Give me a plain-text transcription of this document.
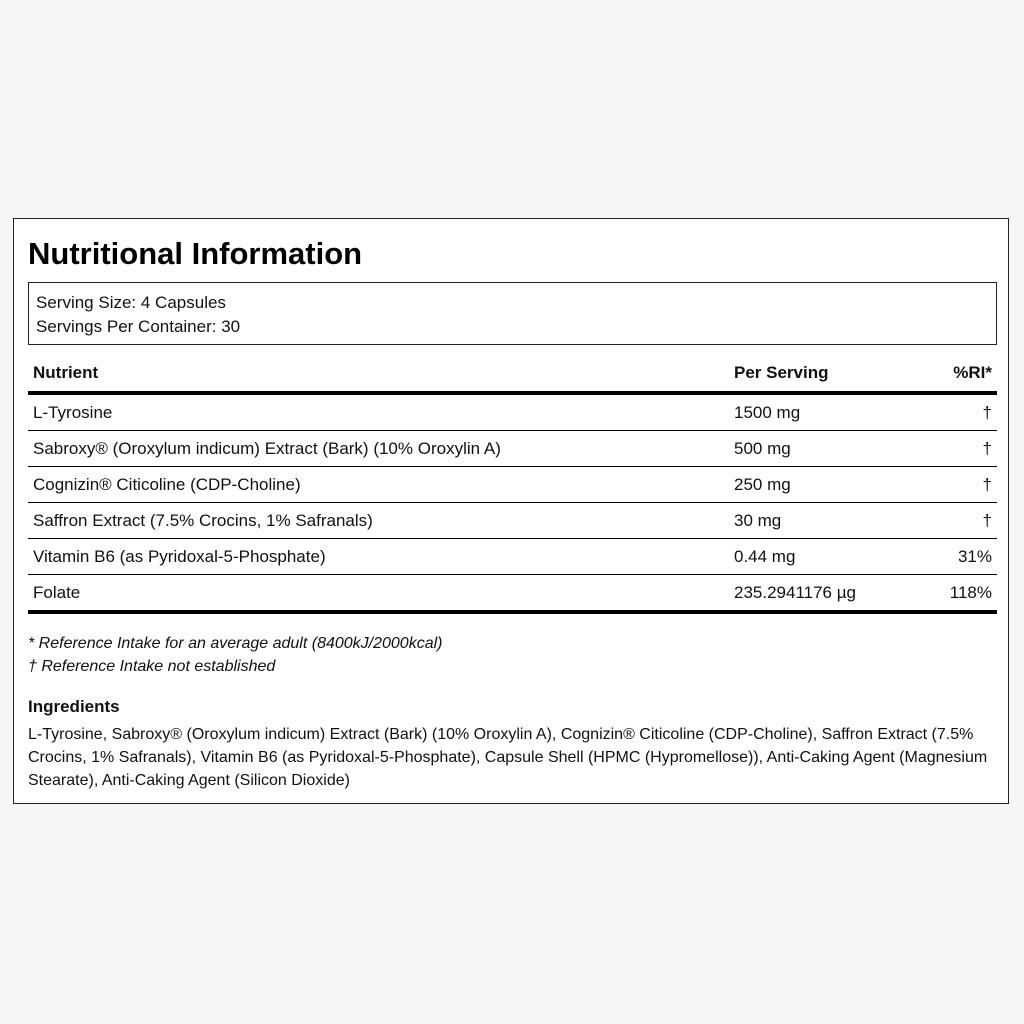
Nutritional Information
Serving Size: 4 Capsules
Servings Per Container: 30
Nutrient	Per Serving	%RI*
L-Tyrosine	1500 mg	†
Sabroxy® (Oroxylum indicum) Extract (Bark) (10% Oroxylin A)	500 mg	†
Cognizin® Citicoline (CDP-Choline)	250 mg	†
Saffron Extract (7.5% Crocins, 1% Safranals)	30 mg	†
Vitamin B6 (as Pyridoxal-5-Phosphate)	0.44 mg	31%
Folate	235.2941176 µg	118%
* Reference Intake for an average adult (8400kJ/2000kcal)
† Reference Intake not established
Ingredients

L-Tyrosine, Sabroxy® (Oroxylum indicum) Extract (Bark) (10% Oroxylin A), Cognizin® Citicoline (CDP-Choline), Saffron Extract (7.5% Crocins, 1% Safranals), Vitamin B6 (as Pyridoxal-5-Phosphate), Capsule Shell (HPMC (Hypromellose)), Anti-Caking Agent (Magnesium Stearate), Anti-Caking Agent (Silicon Dioxide)
